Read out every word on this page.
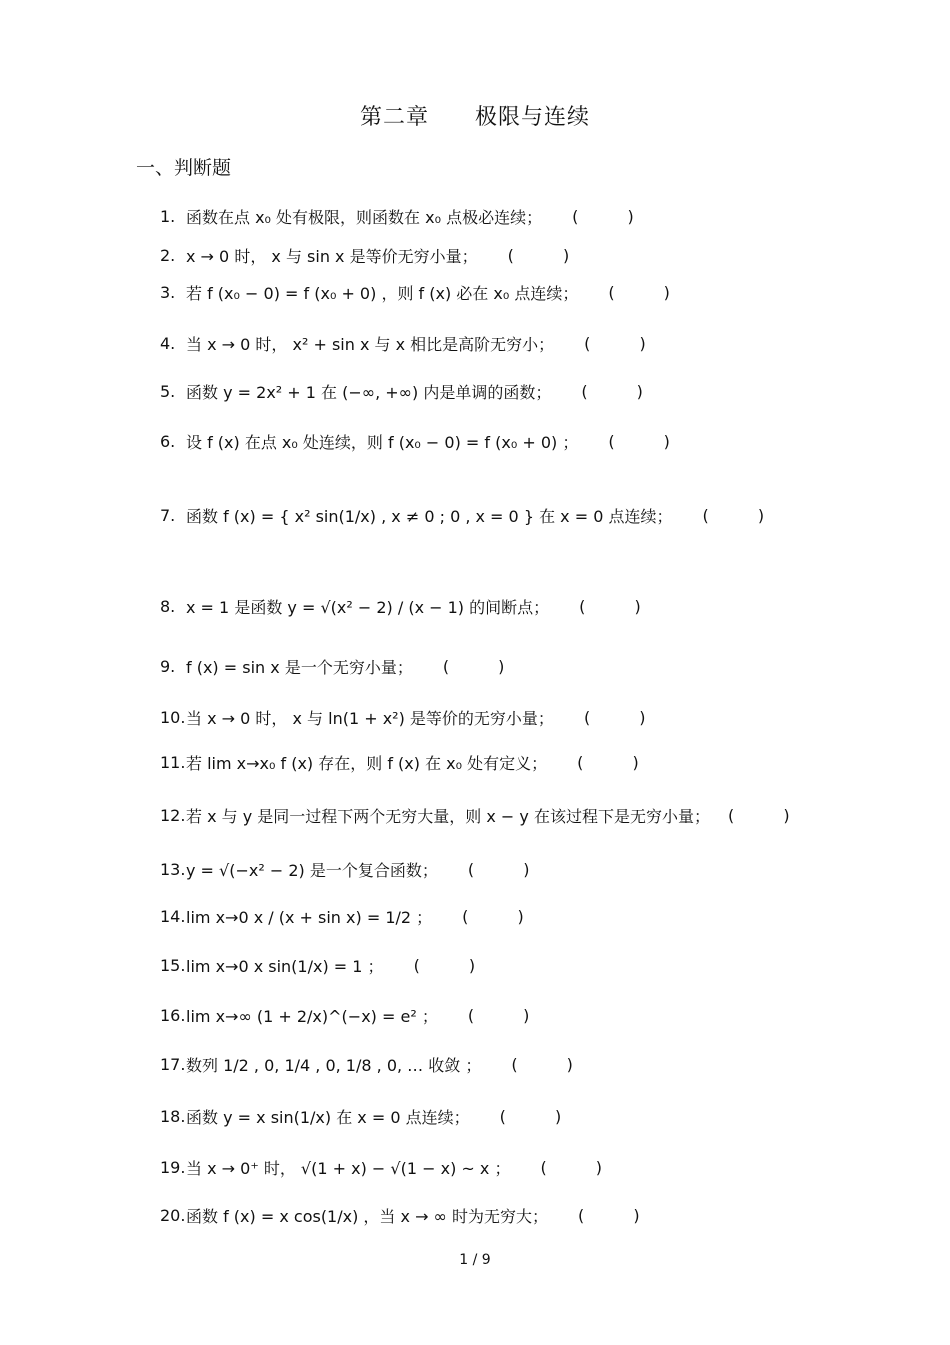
第二章　　极限与连续
一、判断题
1. 函数在点 x₀ 处有极限，则函数在 x₀ 点极必连续； ( )
2. x → 0 时， x 与 sin x 是等价无穷小量； ( )
3. 若 f (x₀ − 0) = f (x₀ + 0) ，则 f (x) 必在 x₀ 点连续； ( )
4. 当 x → 0 时， x² + sin x 与 x 相比是高阶无穷小； ( )
5. 函数 y = 2x² + 1 在 (−∞, +∞) 内是单调的函数； ( )
6. 设 f (x) 在点 x₀ 处连续，则 f (x₀ − 0) = f (x₀ + 0) ； ( )
7. 函数 f (x) = { x² sin(1/x) , x ≠ 0 ; 0 , x = 0 } 在 x = 0 点连续； ( )
8. x = 1 是函数 y = √(x² − 2) / (x − 1) 的间断点； ( )
9. f (x) = sin x 是一个无穷小量； ( )
10. 当 x → 0 时， x 与 ln(1 + x²) 是等价的无穷小量； ( )
11. 若 lim x→x₀ f (x) 存在，则 f (x) 在 x₀ 处有定义； ( )
12. 若 x 与 y 是同一过程下两个无穷大量，则 x − y 在该过程下是无穷小量； ( )
13. y = √(−x² − 2) 是一个复合函数； ( )
14. lim x→0 x / (x + sin x) = 1/2 ； ( )
15. lim x→0 x sin(1/x) = 1 ； ( )
16. lim x→∞ (1 + 2/x)^(−x) = e² ； ( )
17. 数列 1/2 , 0, 1/4 , 0, 1/8 , 0, … 收敛 ； ( )
18. 函数 y = x sin(1/x) 在 x = 0 点连续； ( )
19. 当 x → 0⁺ 时， √(1 + x) − √(1 − x) ~ x ； ( )
20. 函数 f (x) = x cos(1/x) ，当 x → ∞ 时为无穷大； ( )
1 / 9
